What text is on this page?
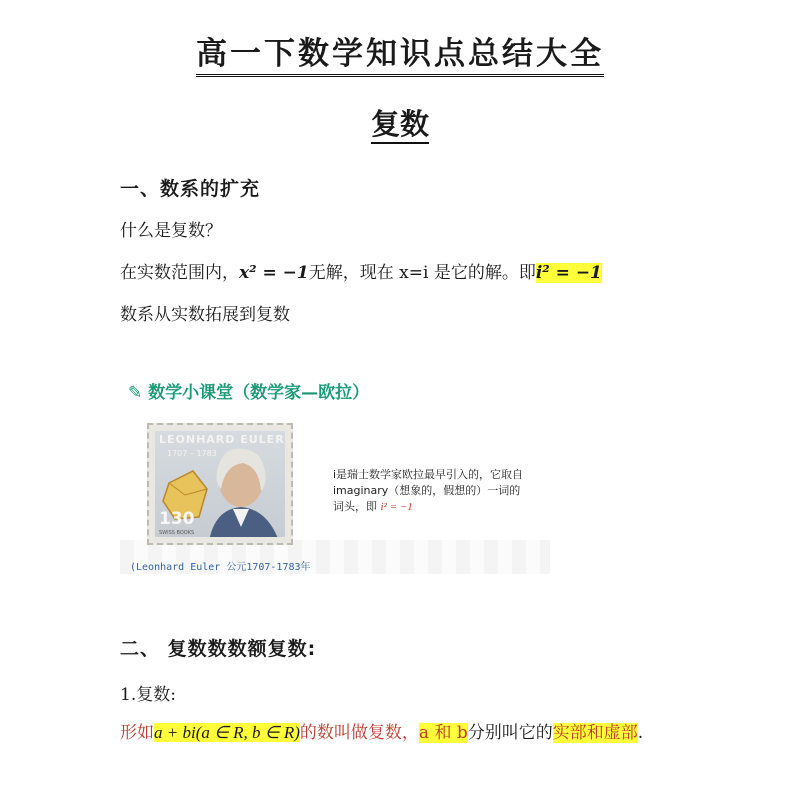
高一下数学知识点总结大全
复数
一、数系的扩充
什么是复数？
在实数范围内，x² = −1无解，现在 x=i 是它的解。即i² = −1
数系从实数拓展到复数
✎ 数学小课堂（数学家—欧拉）
LEONHARD EULER
1707 – 1783
130
SWISS BOOKS
i是瑞士数学家欧拉最早引入的，它取自
imaginary（想象的，假想的）一词的
词头，即 i² = −1
(Leonhard Euler 公元1707-1783年
二、 复数数数额复数:
1.复数:
形如a + bi(a ∈ R, b ∈ R)的数叫做复数，a 和 b分别叫它的实部和虚部.
